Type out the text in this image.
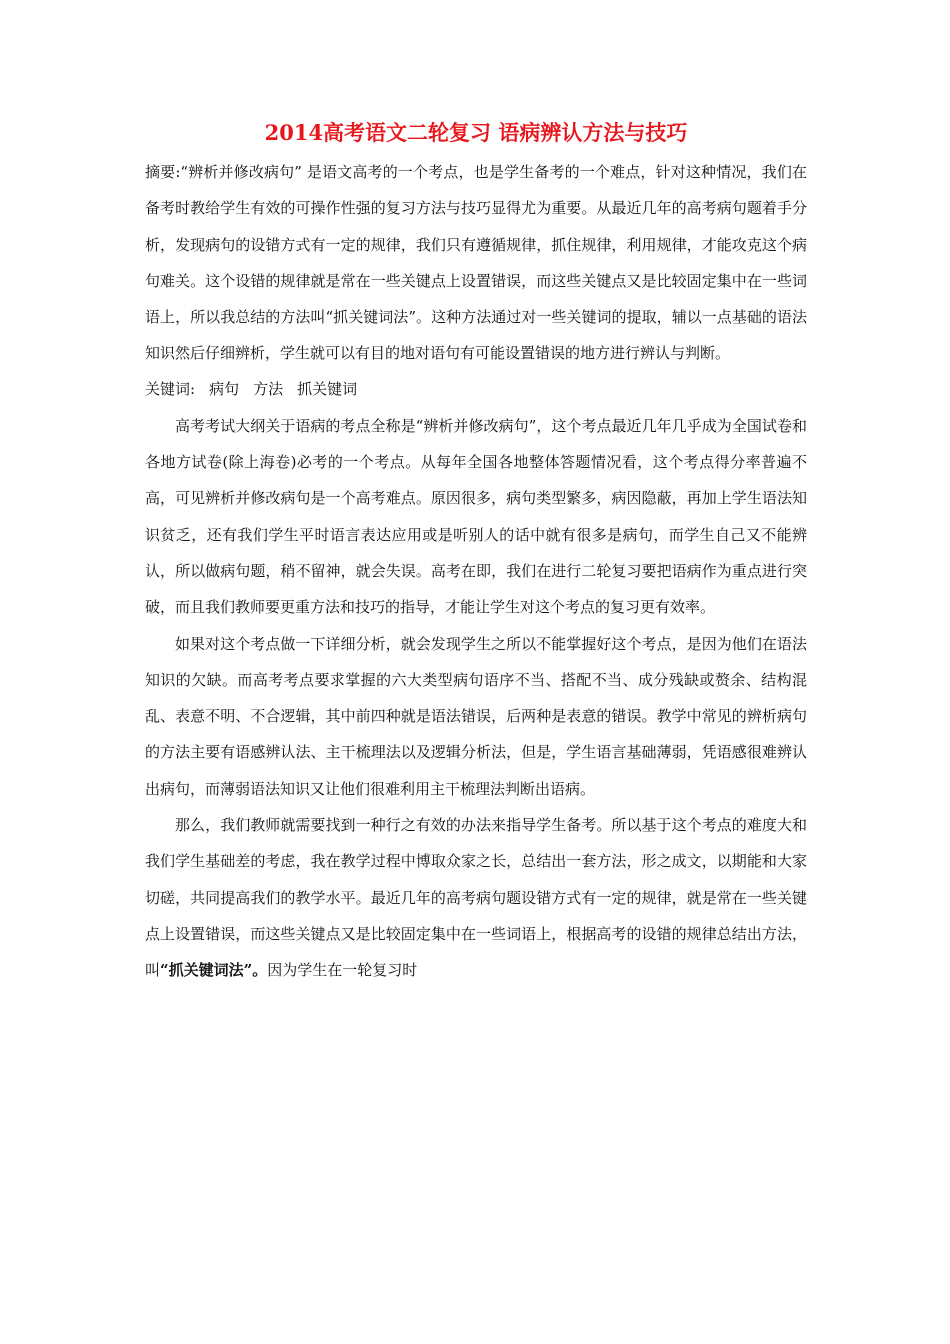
2014高考语文二轮复习 语病辨认方法与技巧

摘要:“辨析并修改病句” 是语文高考的一个考点，也是学生备考的一个难点，针对这种情况，我们在备考时教给学生有效的可操作性强的复习方法与技巧显得尤为重要。从最近几年的高考病句题着手分析，发现病句的设错方式有一定的规律，我们只有遵循规律，抓住规律，利用规律，才能攻克这个病句难关。这个设错的规律就是常在一些关键点上设置错误，而这些关键点又是比较固定集中在一些词语上，所以我总结的方法叫“抓关键词法”。这种方法通过对一些关键词的提取，辅以一点基础的语法知识然后仔细辨析，学生就可以有目的地对语句有可能设置错误的地方进行辨认与判断。

关键词: 病句 方法 抓关键词

高考考试大纲关于语病的考点全称是“辨析并修改病句”，这个考点最近几年几乎成为全国试卷和各地方试卷(除上海卷)必考的一个考点。从每年全国各地整体答题情况看，这个考点得分率普遍不高，可见辨析并修改病句是一个高考难点。原因很多，病句类型繁多，病因隐蔽，再加上学生语法知识贫乏，还有我们学生平时语言表达应用或是听别人的话中就有很多是病句，而学生自己又不能辨认，所以做病句题，稍不留神，就会失误。高考在即，我们在进行二轮复习要把语病作为重点进行突破，而且我们教师要更重方法和技巧的指导，才能让学生对这个考点的复习更有效率。

如果对这个考点做一下详细分析，就会发现学生之所以不能掌握好这个考点，是因为他们在语法知识的欠缺。而高考考点要求掌握的六大类型病句语序不当、搭配不当、成分残缺或赘余、结构混乱、表意不明、不合逻辑，其中前四种就是语法错误，后两种是表意的错误。教学中常见的辨析病句的方法主要有语感辨认法、主干梳理法以及逻辑分析法，但是，学生语言基础薄弱，凭语感很难辨认出病句，而薄弱语法知识又让他们很难利用主干梳理法判断出语病。

那么，我们教师就需要找到一种行之有效的办法来指导学生备考。所以基于这个考点的难度大和我们学生基础差的考虑，我在教学过程中博取众家之长，总结出一套方法，形之成文，以期能和大家切磋，共同提高我们的教学水平。最近几年的高考病句题设错方式有一定的规律，就是常在一些关键点上设置错误，而这些关键点又是比较固定集中在一些词语上，根据高考的设错的规律总结出方法，叫“抓关键词法”。因为学生在一轮复习时
